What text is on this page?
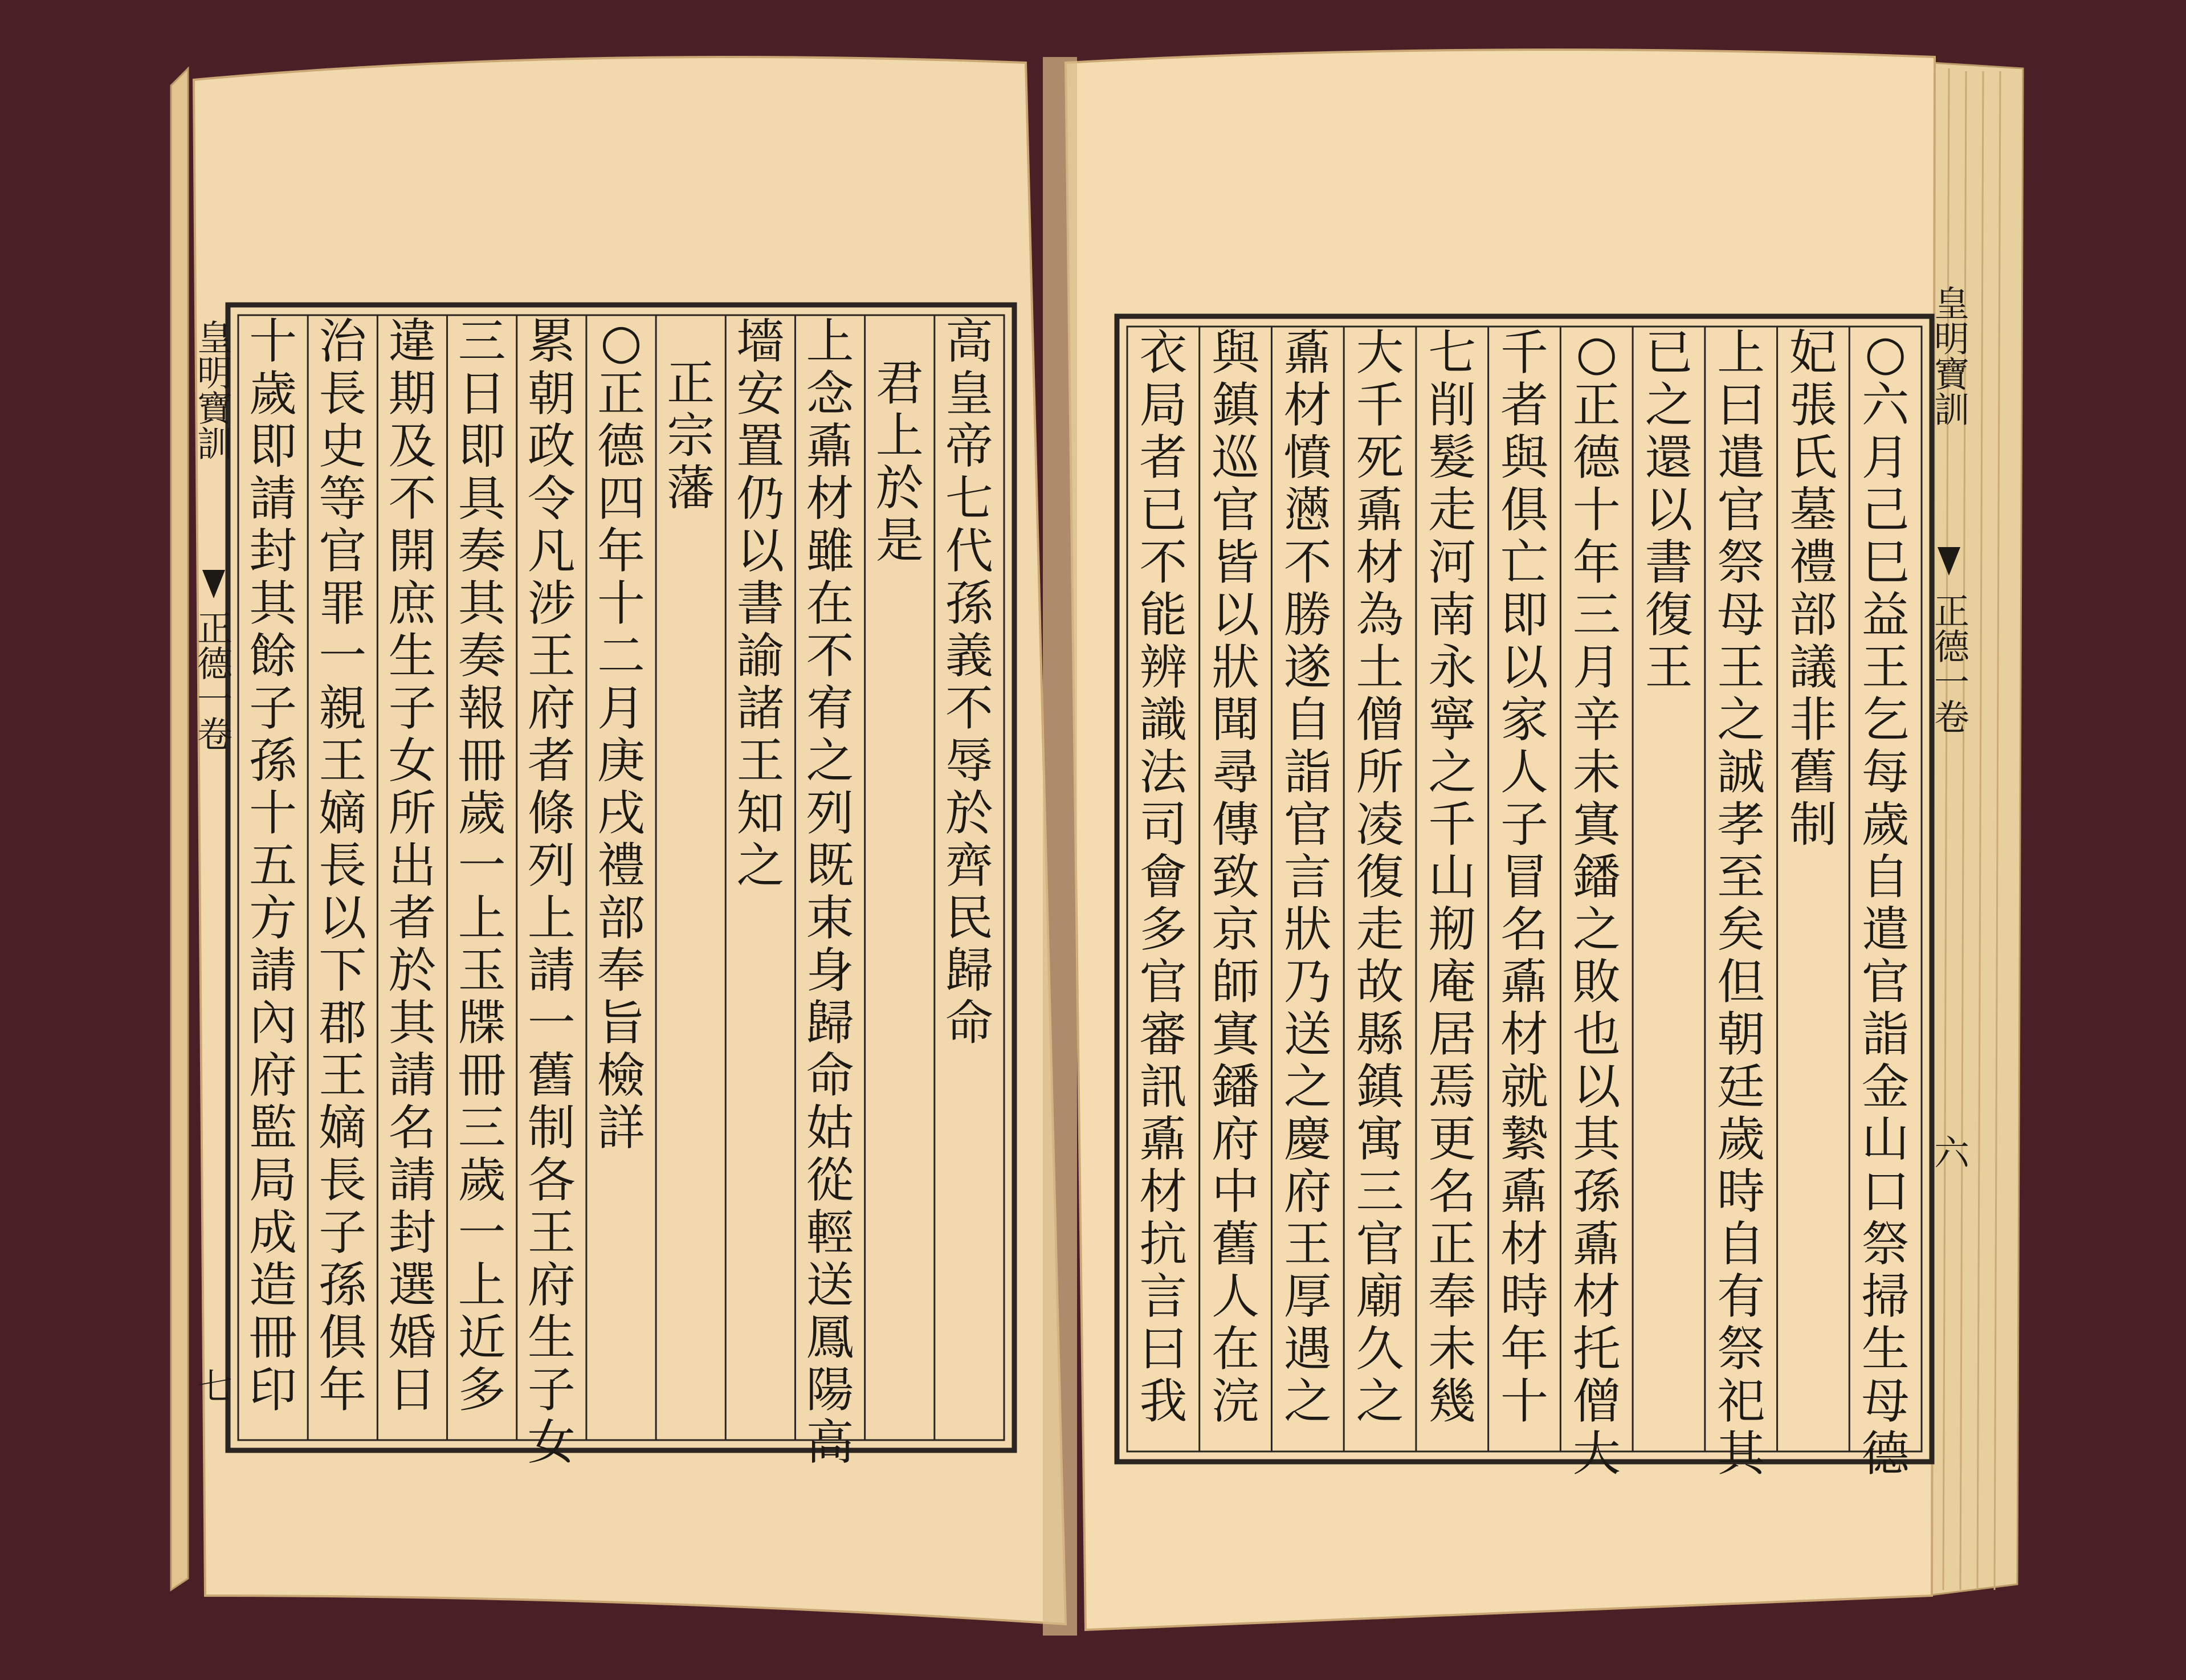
皇明寶訓
正德一卷
七
皇明寶訓
正德一卷
六
高皇帝七代孫義不辱於齊民歸命
君上於是
上念鼒材雖在不宥之列既束身歸命姑從輕送鳳陽高
墻安置仍以書諭諸王知之
正宗藩
○正德四年十二月庚戌禮部奉旨檢詳
累朝政令凡涉王府者條列上請一舊制各王府生子女
三日即具奏其奏報冊歲一上玉牒冊三歲一上近多
違期及不開庶生子女所出者於其請名請封選婚日
治長史等官罪一親王嫡長以下郡王嫡長子孫俱年
十歲即請封其餘子孫十五方請內府監局成造冊印
○六月己巳益王乞每歲自遣官詣金山口祭掃生母德
妃張氏墓禮部議非舊制
上曰遣官祭母王之誠孝至矣但朝廷歲時自有祭祀其
已之還以書復王
○正德十年三月辛未寘鐇之敗也以其孫鼒材托僧大
千者與俱亡即以家人子冒名鼒材就縶鼒材時年十
七削髮走河南永寧之千山剏庵居焉更名正奉未幾
大千死鼒材為土僧所凌復走故縣鎮寓三官廟久之
鼒材憤懣不勝遂自詣官言狀乃送之慶府王厚遇之
與鎮巡官皆以狀聞尋傳致京師寘鐇府中舊人在浣
衣局者已不能辨識法司會多官審訊鼒材抗言曰我
